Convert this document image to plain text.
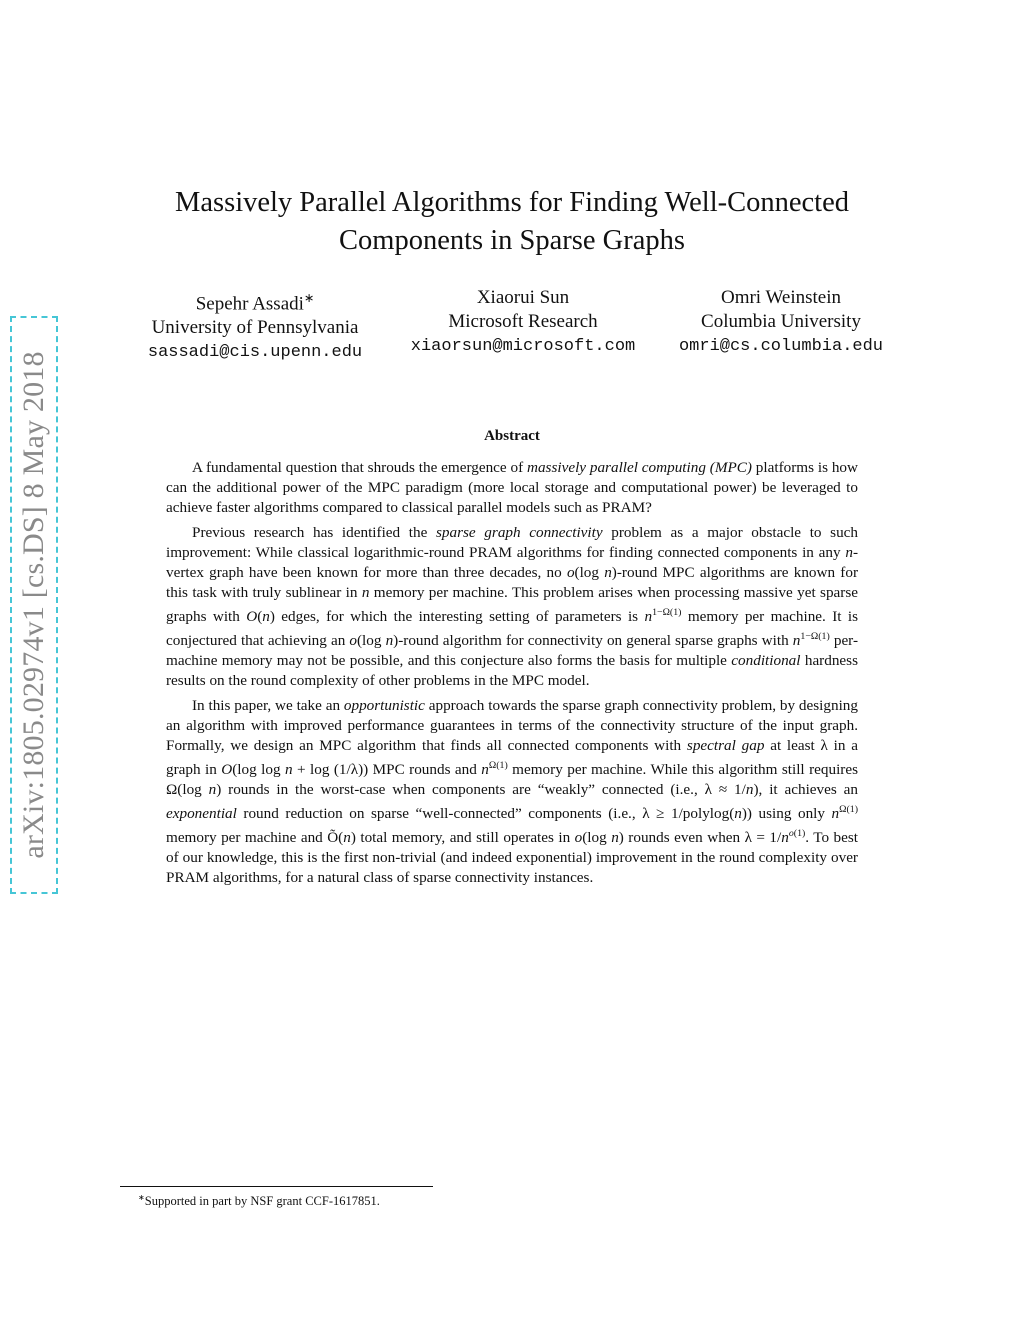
arXiv:1805.02974v1 [cs.DS] 8 May 2018
Massively Parallel Algorithms for Finding Well-Connected
Components in Sparse Graphs
Sepehr Assadi∗
University of Pennsylvania
sassadi@cis.upenn.edu
Xiaorui Sun
Microsoft Research
xiaorsun@microsoft.com
Omri Weinstein
Columbia University
omri@cs.columbia.edu
Abstract

A fundamental question that shrouds the emergence of massively parallel computing (MPC) platforms is how can the additional power of the MPC paradigm (more local storage and computational power) be leveraged to achieve faster algorithms compared to classical parallel models such as PRAM?

Previous research has identified the sparse graph connectivity problem as a major obstacle to such improvement: While classical logarithmic-round PRAM algorithms for finding connected components in any n-vertex graph have been known for more than three decades, no o(log n)-round MPC algorithms are known for this task with truly sublinear in n memory per machine. This problem arises when processing massive yet sparse graphs with O(n) edges, for which the interesting setting of parameters is $n^{1-\Omega(1)}$ memory per machine. It is conjectured that achieving an o(log n)-round algorithm for connectivity on general sparse graphs with $n^{1-\Omega(1)}$ per-machine memory may not be possible, and this conjecture also forms the basis for multiple conditional hardness results on the round complexity of other problems in the MPC model.

In this paper, we take an opportunistic approach towards the sparse graph connectivity problem, by designing an algorithm with improved performance guarantees in terms of the connectivity structure of the input graph. Formally, we design an MPC algorithm that finds all connected components with spectral gap at least λ in a graph in O(log log n + log (1/λ)) MPC rounds and $n^{\Omega(1)}$ memory per machine. While this algorithm still requires Ω(log n) rounds in the worst-case when components are “weakly” connected (i.e., λ ≈ 1/n), it achieves an exponential round reduction on sparse “well-connected” components (i.e., λ ≥ 1/polylog(n)) using only $n^{\Omega(1)}$ memory per machine and Õ(n) total memory, and still operates in o(log n) rounds even when $\lambda = 1/n^{o(1)}$. To best of our knowledge, this is the first non-trivial (and indeed exponential) improvement in the round complexity over PRAM algorithms, for a natural class of sparse connectivity instances.

∗Supported in part by NSF grant CCF-1617851.
